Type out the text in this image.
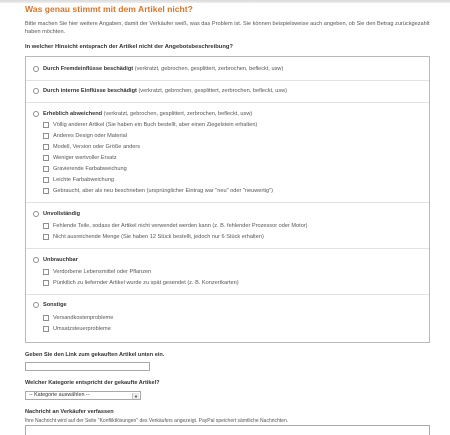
Was genau stimmt mit dem Artikel nicht?
Bitte machen Sie hier weitere Angaben, damit der Verkäufer weiß, was das Problem ist. Sie können beispielsweise auch angeben, ob Sie den Betrag zurückgezahlt haben möchten.
In welcher Hinsicht entsprach der Artikel nicht der Angebotsbeschreibung?
Durch Fremdeinflüsse beschädigt (verkratzt, gebrochen, gesplittert, zerbrochen, befleckt, usw)
Durch interne Einflüsse beschädigt (verkratzt, gebrochen, gesplittert, zerbrochen, befleckt, usw)
Erheblich abweichend (verkratzt, gebrochen, gesplittert, zerbrochen, befleckt, usw)
Völlig anderer Artikel (Sie haben ein Buch bestellt, aber einen Ziegelstein erhalten)
Anderes Design oder Material
Modell, Version oder Größe anders
Weniger wertvoller Ersatz
Gravierende Farbabweichung
Leichte Farbabweichung
Gebraucht, aber als neu beschrieben (ursprünglicher Eintrag war "neu" oder "neuwertig")
Unvollständig
Fehlende Teile, sodass der Artikel nicht verwendet werden kann (z. B. fehlender Prozessor oder Motor)
Nicht ausreichende Menge (Sie haben 12 Stück bestellt, jedoch nur 6 Stück erhalten)
Unbrauchbar
Verdorbene Lebensmittel oder Pflanzen
Pünktlich zu liefernder Artikel wurde zu spät gesendet (z. B. Konzertkarten)
Sonstige
Versandkostenprobleme
Umsatzsteuerprobleme
Geben Sie den Link zum gekauften Artikel unten ein.
Welcher Kategorie entspricht der gekaufte Artikel?
-- Kategorie auswählen --	▼
Nachricht an Verkäufer verfassen
Ihre Nachricht wird auf der Seite "Konfliktlösungen" des Verkäufers angezeigt. PayPal speichert sämtliche Nachrichten.
